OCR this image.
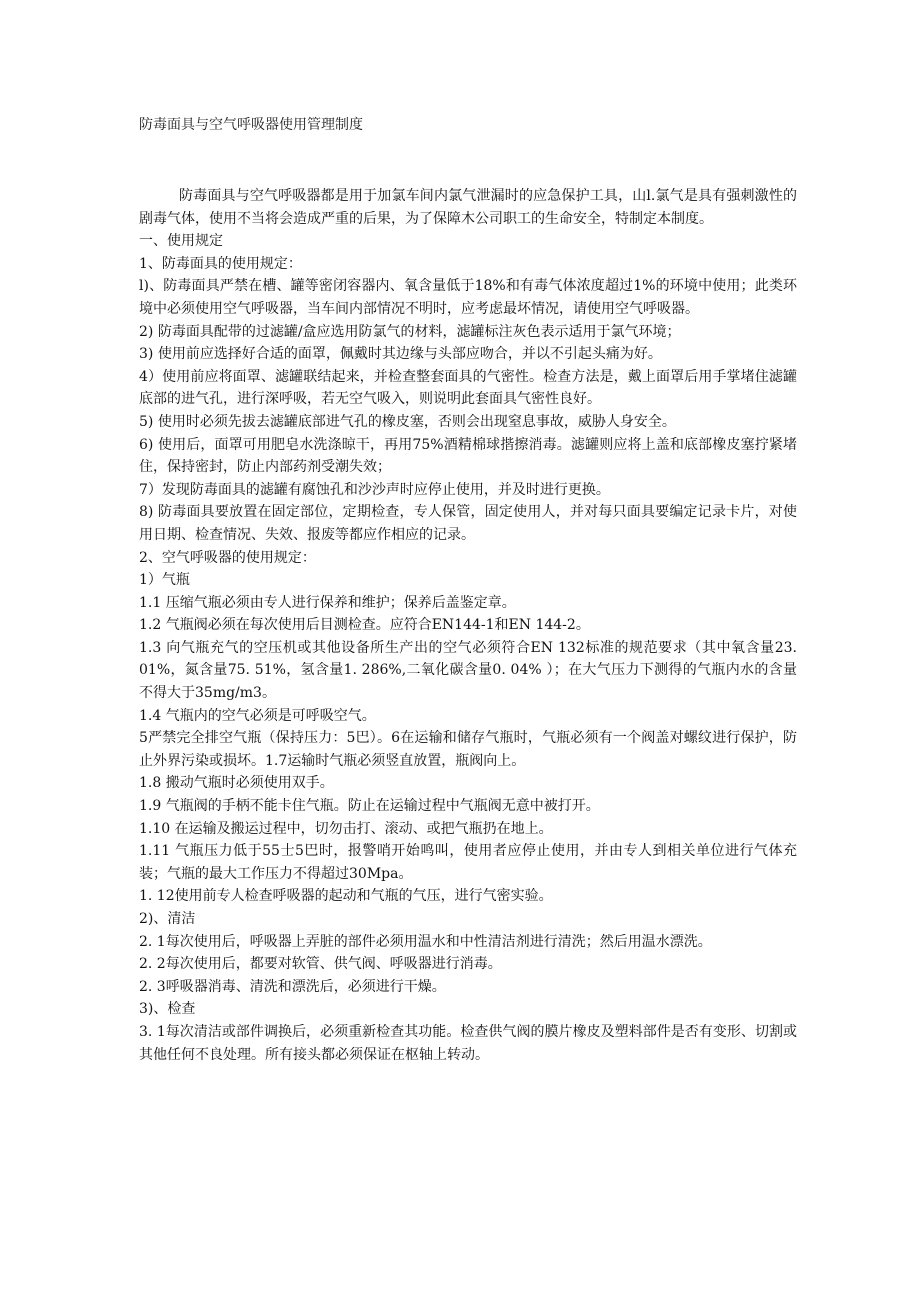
防毒面具与空气呼吸器使用管理制度

防毒面具与空气呼吸器都是用于加氯车间内氯气泄漏时的应急保护工具，山l.氯气是具有强刺激性的剧毒气体，使用不当将会造成严重的后果，为了保障木公司职工的生命安全，特制定本制度。

一、使用规定

1、防毒面具的使用规定：

l)、防毒面具严禁在槽、罐等密闭容器内、氧含量低于18%和有毒气体浓度超过1%的环境中使用；此类环境中必须使用空气呼吸器，当车间内部情况不明时，应考虑最坏情况，请使用空气呼吸器。

2) 防毒面具配带的过滤罐/盒应选用防氯气的材料，滤罐标注灰色表示适用于氯气环境；

3) 使用前应选择好合适的面罩，佩戴时其边缘与头部应吻合，并以不引起头痛为好。

4）使用前应将面罩、滤罐联结起来，并检查整套面具的气密性。检查方法是，戴上面罩后用手掌堵住滤罐底部的进气孔，进行深呼吸，若无空气吸入，则说明此套面具气密性良好。

5) 使用时必须先拔去滤罐底部进气孔的橡皮塞，否则会出现窒息事故，威胁人身安全。

6) 使用后，面罩可用肥皂水洗涤晾干，再用75%酒精棉球揩擦消毒。滤罐则应将上盖和底部橡皮塞拧紧堵住，保持密封，防止内部药剂受潮失效；

7）发现防毒面具的滤罐有腐蚀孔和沙沙声时应停止使用，并及时进行更换。

8) 防毒面具要放置在固定部位，定期检查，专人保管，固定使用人，并对每只面具要编定记录卡片，对使用日期、检查情况、失效、报废等都应作相应的记录。

2、空气呼吸器的使用规定：

1）气瓶

1.1 压缩气瓶必须由专人进行保养和维护；保养后盖鉴定章。

1.2 气瓶阀必须在每次使用后目测检查。应符合EN144-1和EN 144-2。

1.3 向气瓶充气的空压机或其他设备所生产出的空气必须符合EN 132标准的规范要求（其中氧含量23. 01%，氮含量75. 51%，氢含量1. 286%,二氧化碳含量0. 04% ）；在大气压力下测得的气瓶内水的含量不得大于35mg/m3。

1.4 气瓶内的空气必须是可呼吸空气。

5严禁完全排空气瓶（保持压力：5巴）。6在运输和储存气瓶时，气瓶必须有一个阀盖对螺纹进行保护，防止外界污染或损坏。1.7运输时气瓶必须竖直放置，瓶阀向上。

1.8 搬动气瓶时必须使用双手。

1.9 气瓶阀的手柄不能卡住气瓶。防止在运输过程中气瓶阀无意中被打开。

1.10 在运输及搬运过程中，切勿击打、滚动、或把气瓶扔在地上。

1.11 气瓶压力低于55士5巴时，报警哨开始鸣叫，使用者应停止使用，并由专人到相关单位进行气体充装；气瓶的最大工作压力不得超过30Mpa。

1. 12使用前专人检查呼吸器的起动和气瓶的气压，进行气密实验。

2)、清洁

2. 1每次使用后，呼吸器上弄脏的部件必须用温水和中性清洁剂进行清洗；然后用温水漂洗。

2. 2每次使用后，都要对软管、供气阀、呼吸器进行消毒。

2. 3呼吸器消毒、清洗和漂洗后，必须进行干燥。

3)、检查

3. 1每次清洁或部件调换后，必须重新检查其功能。检查供气阀的膜片橡皮及塑料部件是否有变形、切割或其他任何不良处理。所有接头都必须保证在枢轴上转动。
